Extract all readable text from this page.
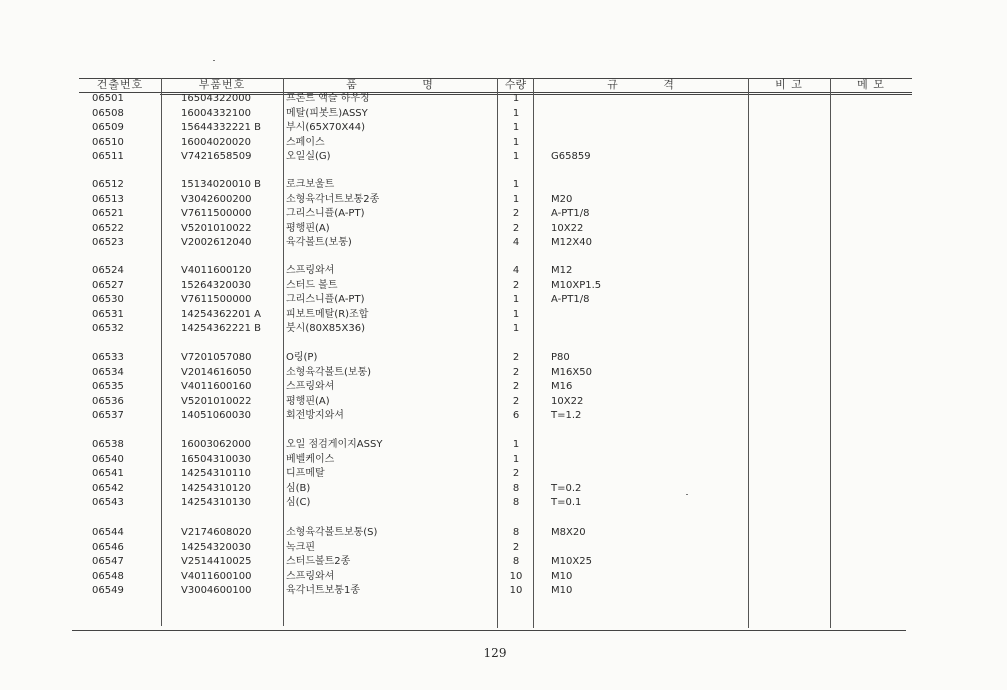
건출번호	부품번호	품 명	수량	규 격	비 고	메 모
06501	16504322000	프론트 액슬 하우징	1
06508	16004332100	메탈(피봇트)ASSY	1
06509	15644332221 B 부시(65X70X44)	1
06510	16004020020	스페이스	1
06511	V7421658509	오일실(G)	1	G65859
06512	15134020010 B 로크보울트	1
06513	V3042600200	소형육각너트보통2종	1	M20
06521	V7611500000	그리스니플(A-PT)	2	A-PT1/8
06522	V5201010022	평행핀(A)	2	10X22
06523	V2002612040	육각볼트(보통)	4	M12X40
06524	V4011600120	스프링와셔	4	M12
06527	15264320030	스터드 볼트	2	M10XP1.5
06530	V7611500000	그리스니플(A-PT)	1	A-PT1/8
06531	14254362201 A 피보트메탈(R)조합	1
06532	14254362221 B 붓시(80X85X36)	1
06533	V7201057080	O링(P)	2	P80
06534	V2014616050	소형육각볼트(보통)	2	M16X50
06535	V4011600160	스프링와셔	2	M16
06536	V5201010022	평행핀(A)	2	10X22
06537	14051060030	회전방지와셔	6	T=1.2
06538	16003062000	오일 점검게이지ASSY	1
06540	16504310030	베벨케이스	1
06541	14254310110	디프메탈	2
06542	14254310120	심(B)	8	T=0.2
06543	14254310130	심(C)	8	T=0.1
06544	V2174608020	소형육각볼트보통(S)	8	M8X20
06546	14254320030	녹크핀	2
06547	V2514410025	스터드볼트2종	8	M10X25
06548	V4011600100	스프링와셔	10	M10
06549	V3004600100	육각너트보통1종	10	M10
129
